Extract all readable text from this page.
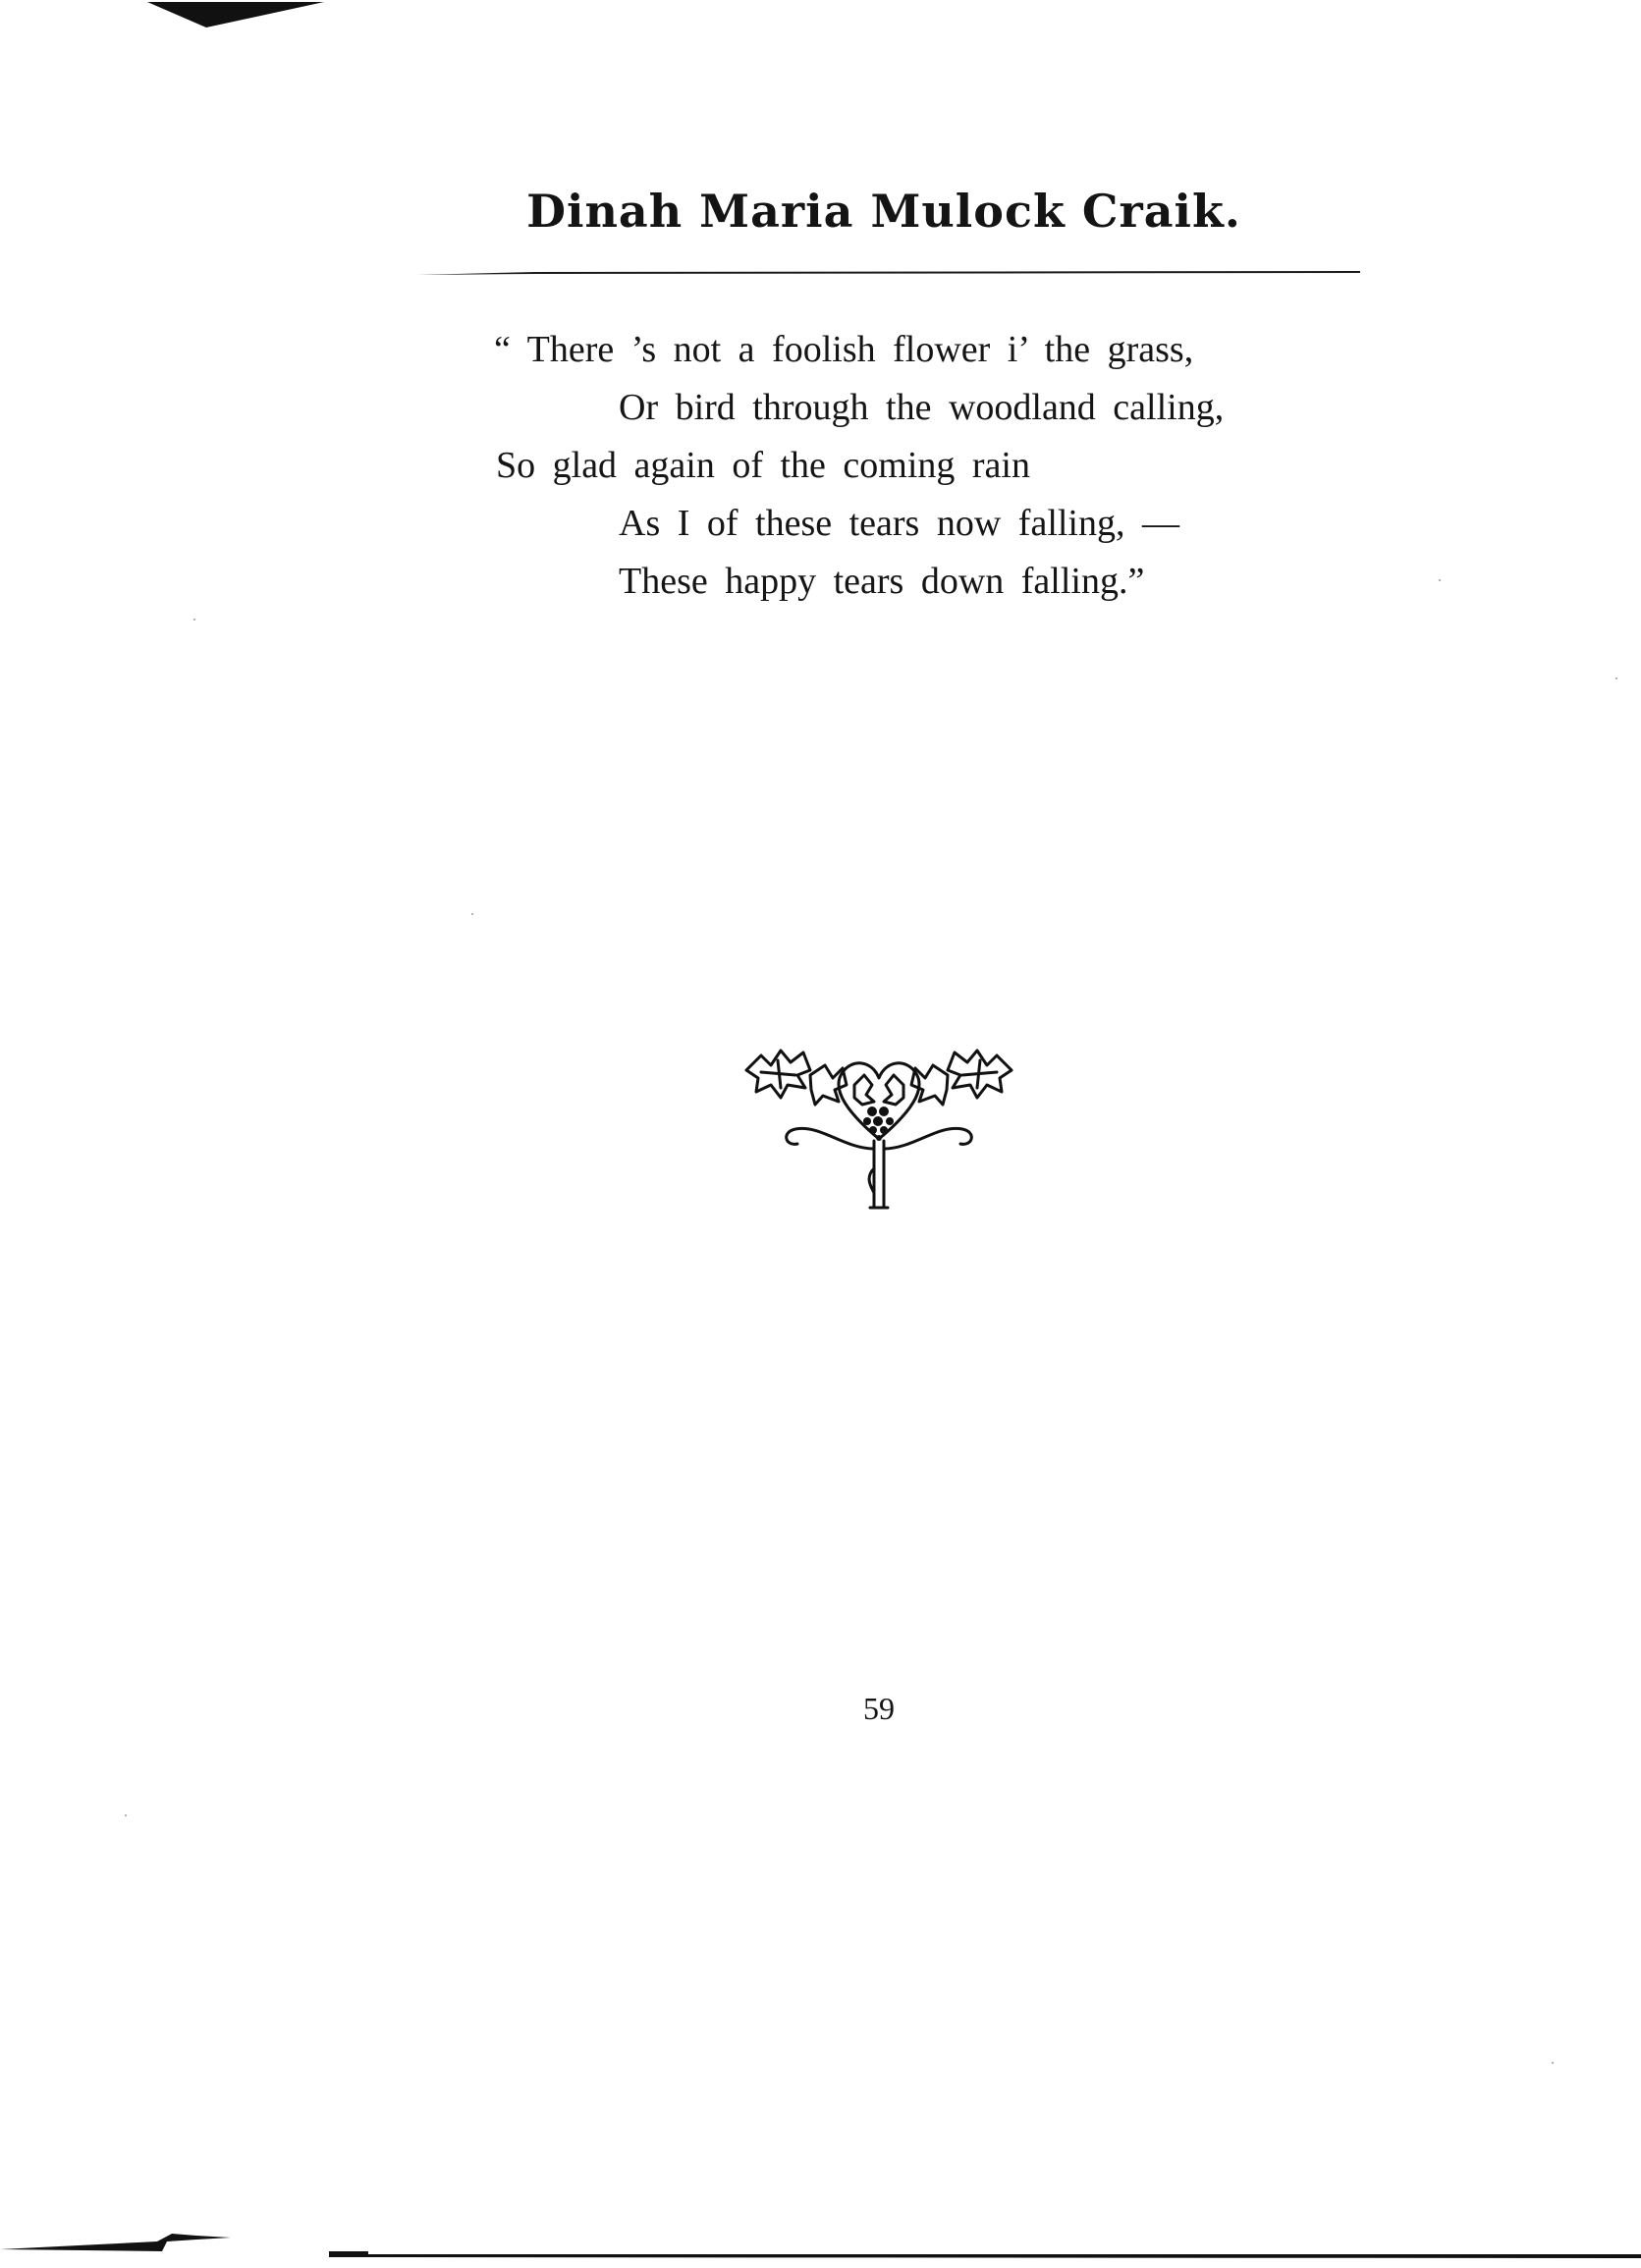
Dinah Maria Mulock Craik.
“ There ’s not a foolish flower i’ the grass,
Or bird through the woodland calling,
So glad again of the coming rain
As I of these tears now falling, —
These happy tears down falling.”
59
